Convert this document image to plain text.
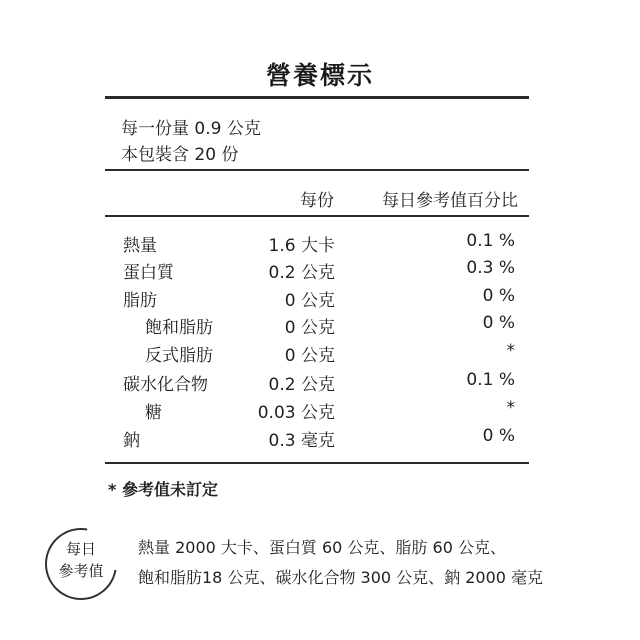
營養標示
每一份量 0.9 公克
本包裝含 20 份
每份	每日參考值百分比
熱量	1.6 大卡	0.1 %
蛋白質	0.2 公克	0.3 %
脂肪	0 公克	0 %
飽和脂肪	0 公克	0 %
反式脂肪	0 公克	*
碳水化合物	0.2 公克	0.1 %
糖	0.03 公克	*
鈉	0.3 毫克	0 %
* 參考值未訂定
每日
參考值
熱量 2000 大卡、蛋白質 60 公克、脂肪 60 公克、
飽和脂肪18 公克、碳水化合物 300 公克、鈉 2000 毫克
